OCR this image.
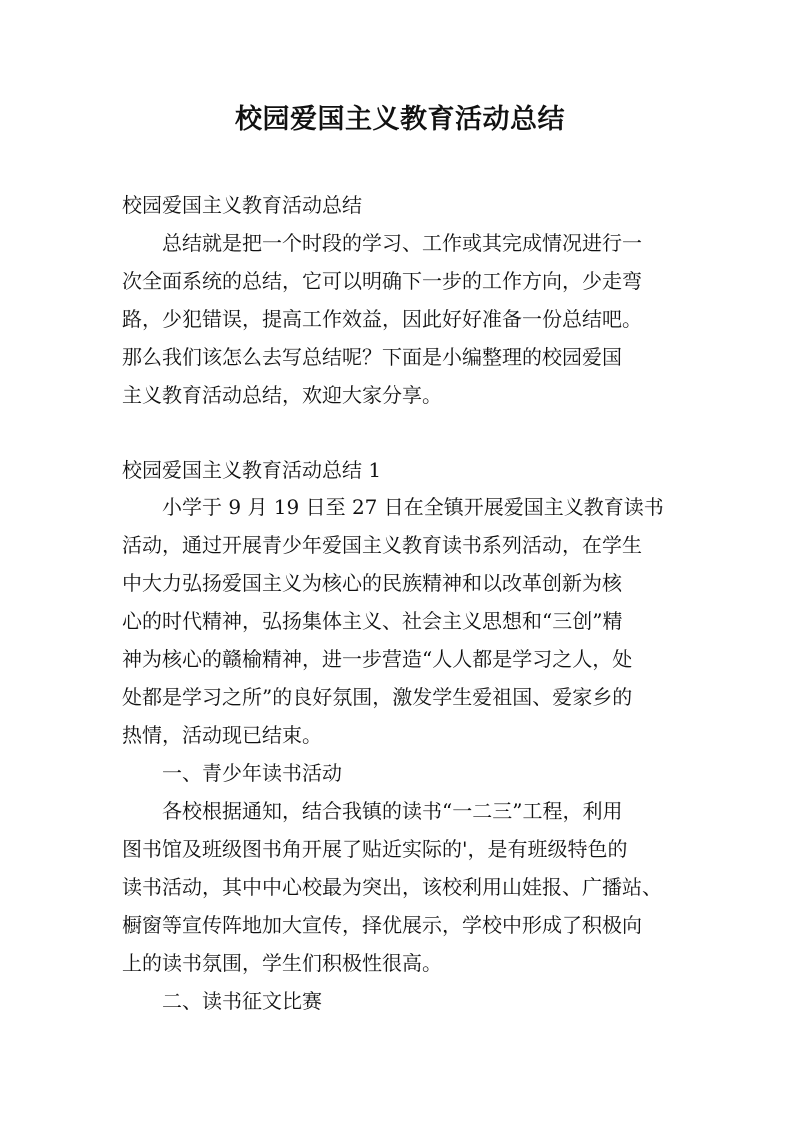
校园爱国主义教育活动总结
校园爱国主义教育活动总结
总结就是把一个时段的学习、工作或其完成情况进行一
次全面系统的总结，它可以明确下一步的工作方向，少走弯
路，少犯错误，提高工作效益，因此好好准备一份总结吧。
那么我们该怎么去写总结呢？下面是小编整理的校园爱国
主义教育活动总结，欢迎大家分享。
校园爱国主义教育活动总结 1
小学于 9 月 19 日至 27 日在全镇开展爱国主义教育读书
活动，通过开展青少年爱国主义教育读书系列活动，在学生
中大力弘扬爱国主义为核心的民族精神和以改革创新为核
心的时代精神，弘扬集体主义、社会主义思想和“三创”精
神为核心的赣榆精神，进一步营造“人人都是学习之人，处
处都是学习之所”的良好氛围，激发学生爱祖国、爱家乡的
热情，活动现已结束。
一、青少年读书活动
各校根据通知，结合我镇的读书“一二三”工程，利用
图书馆及班级图书角开展了贴近实际的'，是有班级特色的
读书活动，其中中心校最为突出，该校利用山娃报、广播站、
橱窗等宣传阵地加大宣传，择优展示，学校中形成了积极向
上的读书氛围，学生们积极性很高。
二、读书征文比赛
